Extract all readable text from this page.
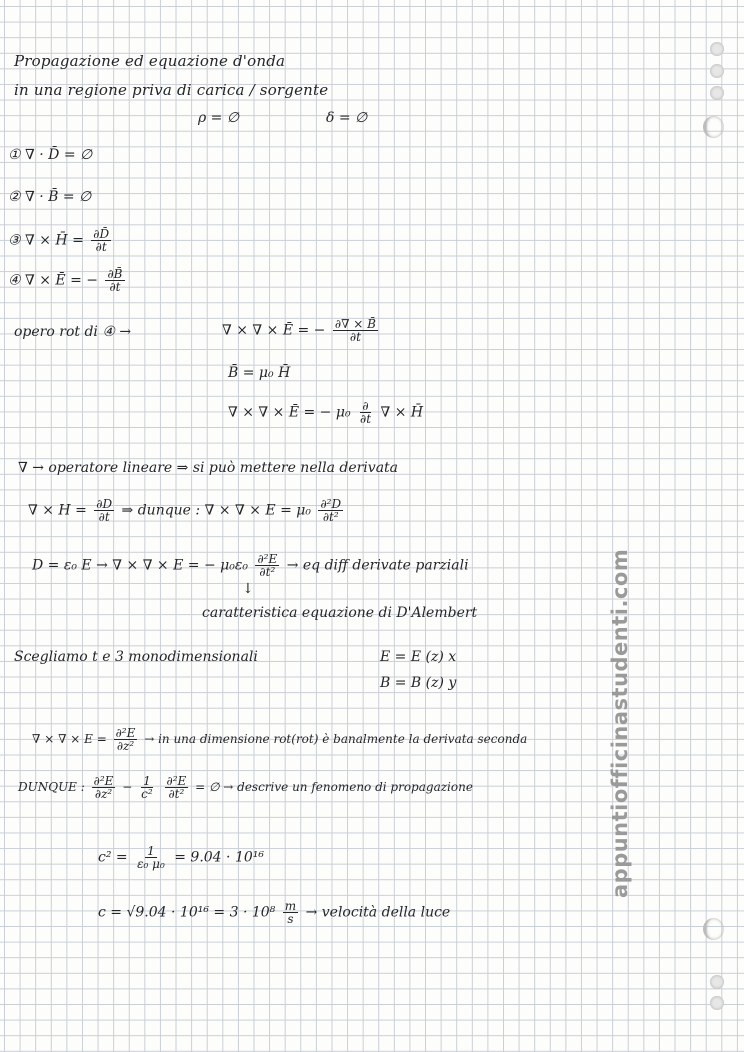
Propagazione ed equazione d'onda
in una regione priva di carica / sorgente
ρ = ∅	δ = ∅
① ∇ · D̄ = ∅
② ∇ · B̄ = ∅
③ ∇ × H̄ = $\frac{\partial D̄}{\partial t}$
④ ∇ × Ē = − $\frac{\partial B̄}{\partial t}$
opero rot di ④ →	∇ × ∇ × Ē = − $\frac{\partial\nabla \times B̄}{\partial t}$
B̄ = μ₀ H̄
∇ × ∇ × Ē = − $\mu_0 \frac{\partial}{\partial t}$ ∇ × H̄
∇ → operatore lineare ⇒ si può mettere nella derivata
∇ × $H = \frac{\partial D}{\partial t}$ ⇒ dunque : ∇ × ∇ × $E = \mu_0 \frac{\text{∂²D}}{\text{∂t²}}$
D = ε₀ E → ∇ × ∇ × E = − $\mu_0\varepsilon_0 \frac{\text{∂²E}}{\text{∂t²}}$ → eq diff derivate parziali
↓
caratteristica equazione di D'Alembert
Scegliamo t e 3 monodimensionali	E = E (z) x
B = B (z) y
∇ × ∇ × $E = \frac{\text{∂²E}}{\text{∂z²}}$ → in una dimensione rot(rot) è banalmente la derivata seconda
DUNQUE : $\frac{\text{∂²E}}{\text{∂z²}} - \frac{1}{\text{c²}}$
$\frac{\text{∂²E}}{\text{∂t²}}$ = ∅ → descrive un fenomeno di propagazione
$c^2 = \frac{1}{\text{ε₀ μ₀}} = 9.04 \cdot 10^{16}$
$c = √9.04 \cdot 10^{16} = 3 \cdot 10^8 \frac{m}{s}$ → velocità della luce
appuntiofficinastudenti.com
